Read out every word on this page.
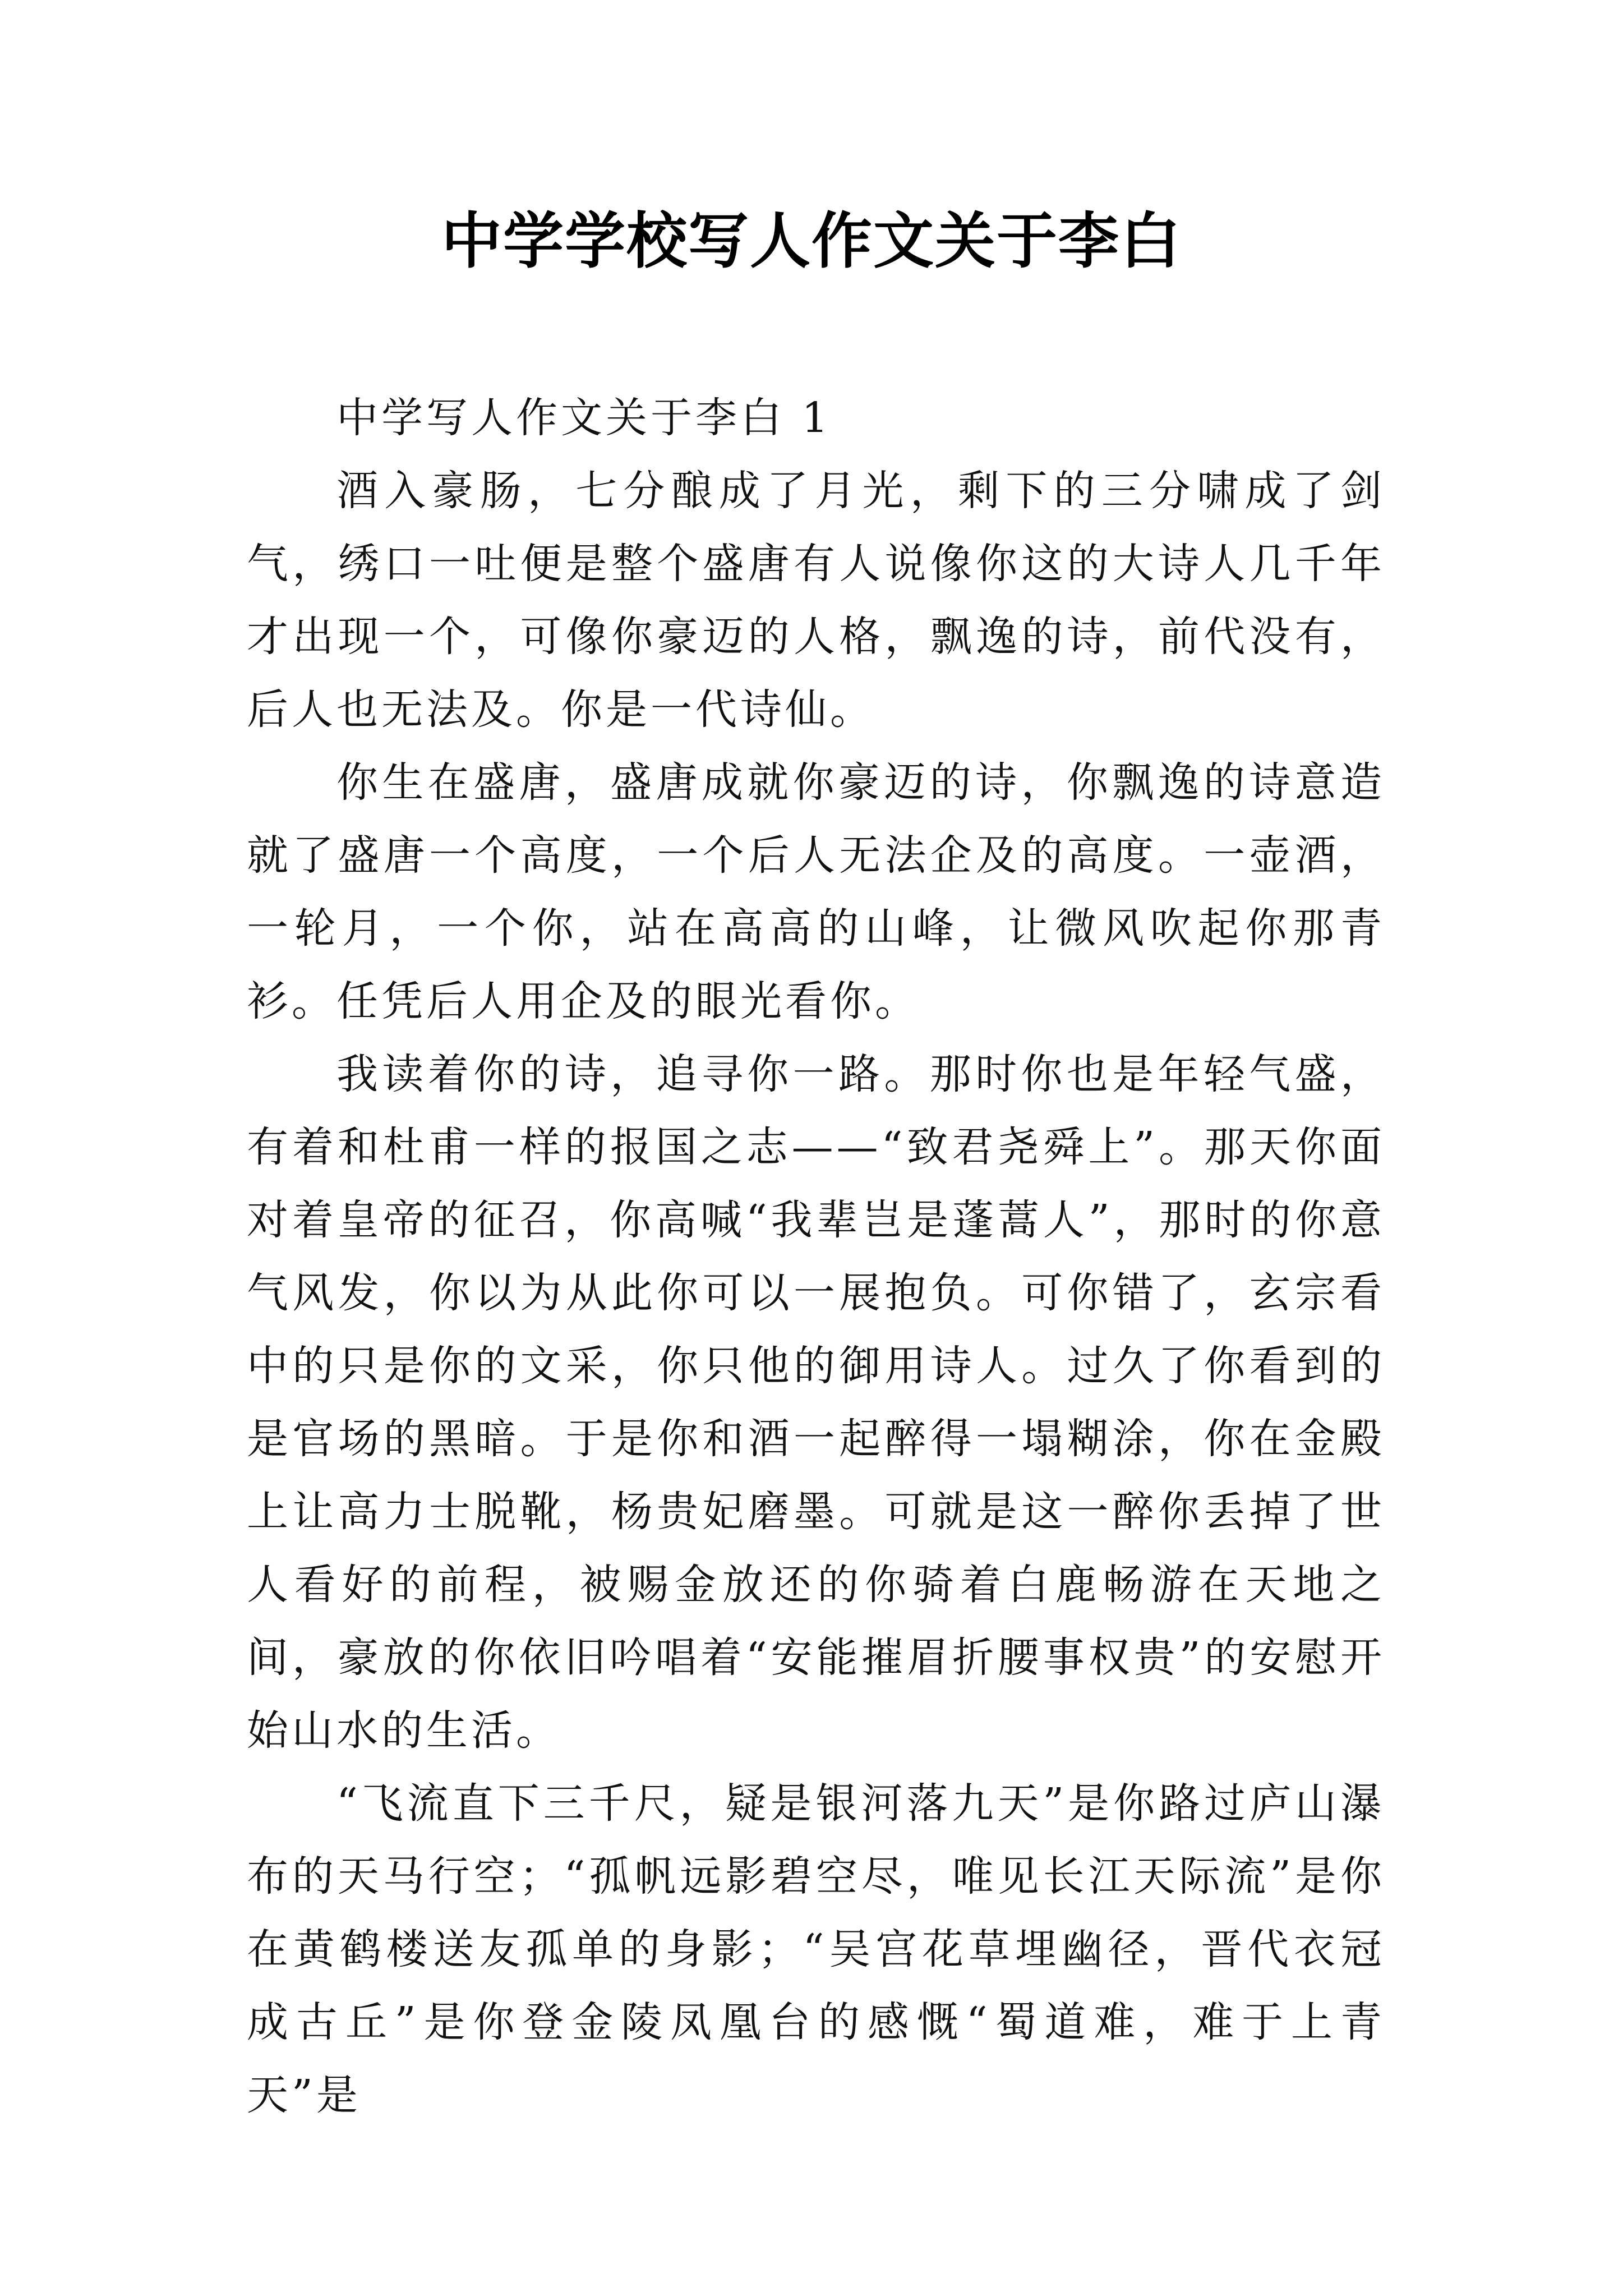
中学学校写人作文关于李白

中学写人作文关于李白 1

酒入豪肠，七分酿成了月光，剩下的三分啸成了剑气，绣口一吐便是整个盛唐有人说像你这的大诗人几千年才出现一个，可像你豪迈的人格，飘逸的诗，前代没有，后人也无法及。你是一代诗仙。

你生在盛唐，盛唐成就你豪迈的诗，你飘逸的诗意造就了盛唐一个高度，一个后人无法企及的高度。一壶酒，一轮月，一个你，站在高高的山峰，让微风吹起你那青衫。任凭后人用企及的眼光看你。

我读着你的诗，追寻你一路。那时你也是年轻气盛，有着和杜甫一样的报国之志——“致君尧舜上”。那天你面对着皇帝的征召，你高喊“我辈岂是蓬蒿人”，那时的你意气风发，你以为从此你可以一展抱负。可你错了，玄宗看中的只是你的文采，你只他的御用诗人。过久了你看到的是官场的黑暗。于是你和酒一起醉得一塌糊涂，你在金殿上让高力士脱靴，杨贵妃磨墨。可就是这一醉你丢掉了世人看好的前程，被赐金放还的你骑着白鹿畅游在天地之间，豪放的你依旧吟唱着“安能摧眉折腰事权贵”的安慰开始山水的生活。

“飞流直下三千尺，疑是银河落九天”是你路过庐山瀑布的天马行空；“孤帆远影碧空尽，唯见长江天际流”是你在黄鹤楼送友孤单的身影；“吴宫花草埋幽径，晋代衣冠成古丘”是你登金陵凤凰台的感慨“蜀道难，难于上青天”是
